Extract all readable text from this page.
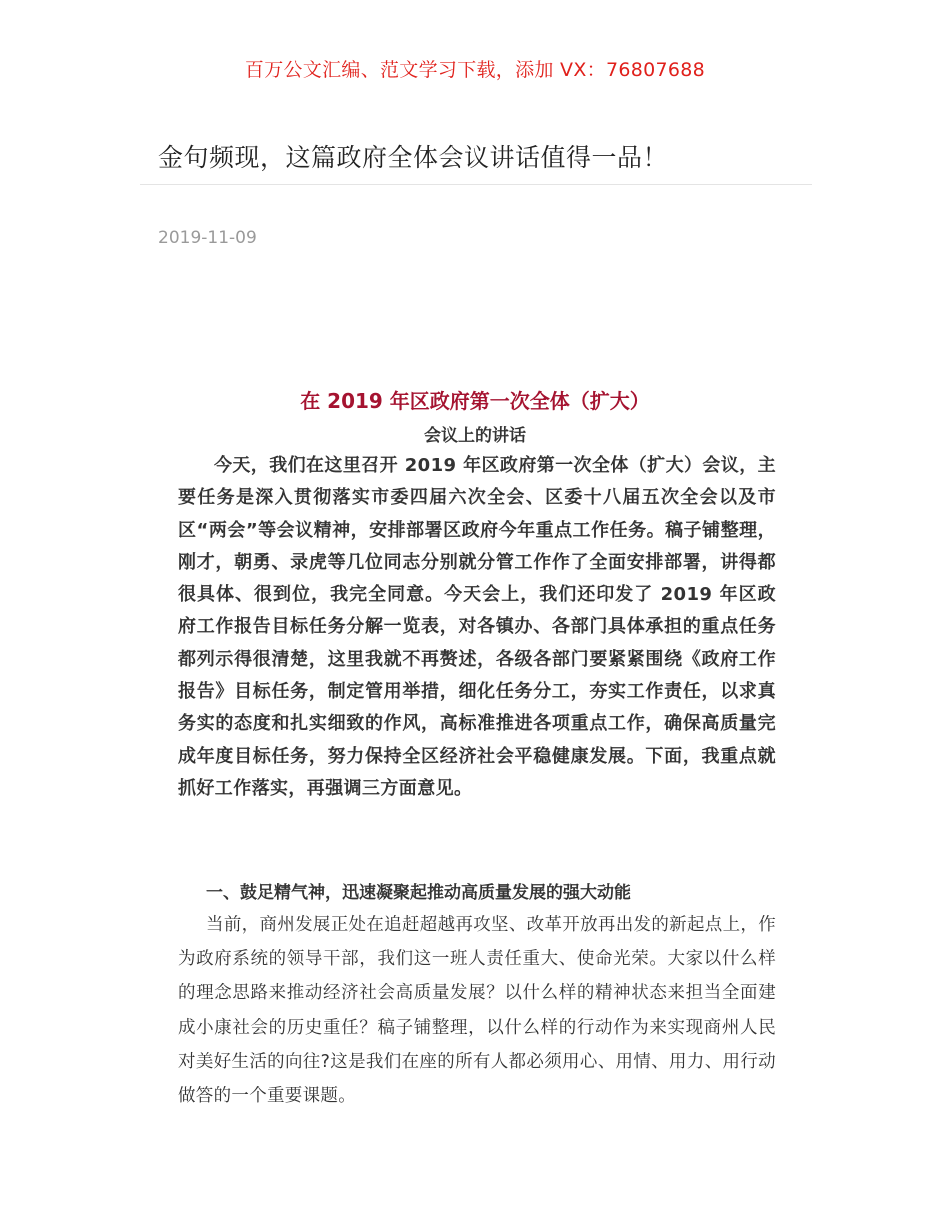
百万公文汇编、范文学习下载，添加 VX：76807688
金句频现，这篇政府全体会议讲话值得一品！
2019-11-09
在 2019 年区政府第一次全体（扩大）
会议上的讲话

今天，我们在这里召开 2019 年区政府第一次全体（扩大）会议，主要任务是深入贯彻落实市委四届六次全会、区委十八届五次全会以及市区“两会”等会议精神，安排部署区政府今年重点工作任务。稿子铺整理，刚才，朝勇、录虎等几位同志分别就分管工作作了全面安排部署，讲得都很具体、很到位，我完全同意。今天会上，我们还印发了 2019 年区政府工作报告目标任务分解一览表，对各镇办、各部门具体承担的重点任务都列示得很清楚，这里我就不再赘述，各级各部门要紧紧围绕《政府工作报告》目标任务，制定管用举措，细化任务分工，夯实工作责任，以求真务实的态度和扎实细致的作风，高标准推进各项重点工作，确保高质量完成年度目标任务，努力保持全区经济社会平稳健康发展。下面，我重点就抓好工作落实，再强调三方面意见。

一、鼓足精气神，迅速凝聚起推动高质量发展的强大动能

当前，商州发展正处在追赶超越再攻坚、改革开放再出发的新起点上，作为政府系统的领导干部，我们这一班人责任重大、使命光荣。大家以什么样的理念思路来推动经济社会高质量发展？以什么样的精神状态来担当全面建成小康社会的历史重任？稿子铺整理，以什么样的行动作为来实现商州人民对美好生活的向往?这是我们在座的所有人都必须用心、用情、用力、用行动做答的一个重要课题。
